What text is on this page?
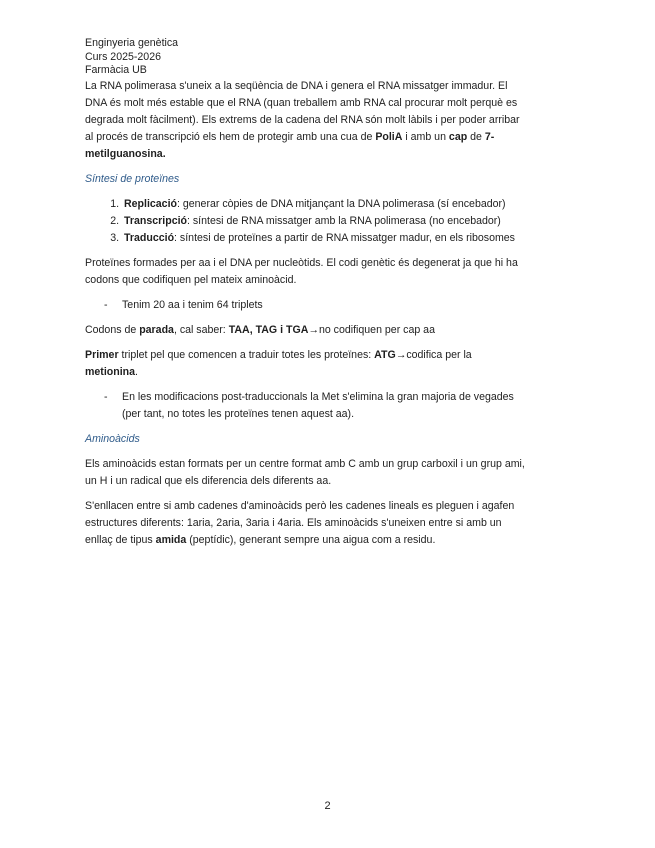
Enginyeria genètica

Curs 2025-2026

Farmàcia UB

La RNA polimerasa s'uneix a la seqüència de DNA i genera el RNA missatger immadur. El DNA és molt més estable que el RNA (quan treballem amb RNA cal procurar molt perquè es degrada molt fàcilment). Els extrems de la cadena del RNA són molt làbils i per poder arribar al procés de transcripció els hem de protegir amb una cua de PoliA i amb un cap de 7-metilguanosina.

Síntesi de proteïnes

1. Replicació: generar còpies de DNA mitjançant la DNA polimerasa (sí encebador)
2. Transcripció: síntesi de RNA missatger amb la RNA polimerasa (no encebador)
3. Traducció: síntesi de proteïnes a partir de RNA missatger madur, en els ribosomes

Proteïnes formades per aa i el DNA per nucleòtids. El codi genètic és degenerat ja que hi ha codons que codifiquen pel mateix aminoàcid.

- Tenim 20 aa i tenim 64 triplets

Codons de parada, cal saber: TAA, TAG i TGA→no codifiquen per cap aa

Primer triplet pel que comencen a traduir totes les proteïnes: ATG→codifica per la metionina.

- En les modificacions post-traduccionals la Met s'elimina la gran majoria de vegades (per tant, no totes les proteïnes tenen aquest aa).

Aminoàcids

Els aminoàcids estan formats per un centre format amb C amb un grup carboxil i un grup ami, un H i un radical que els diferencia dels diferents aa.

S'enllacen entre si amb cadenes d'aminoàcids però les cadenes lineals es pleguen i agafen estructures diferents: 1aria, 2aria, 3aria i 4aria. Els aminoàcids s'uneixen entre si amb un enllaç de tipus amida (peptídic), generant sempre una aigua com a residu.

2
